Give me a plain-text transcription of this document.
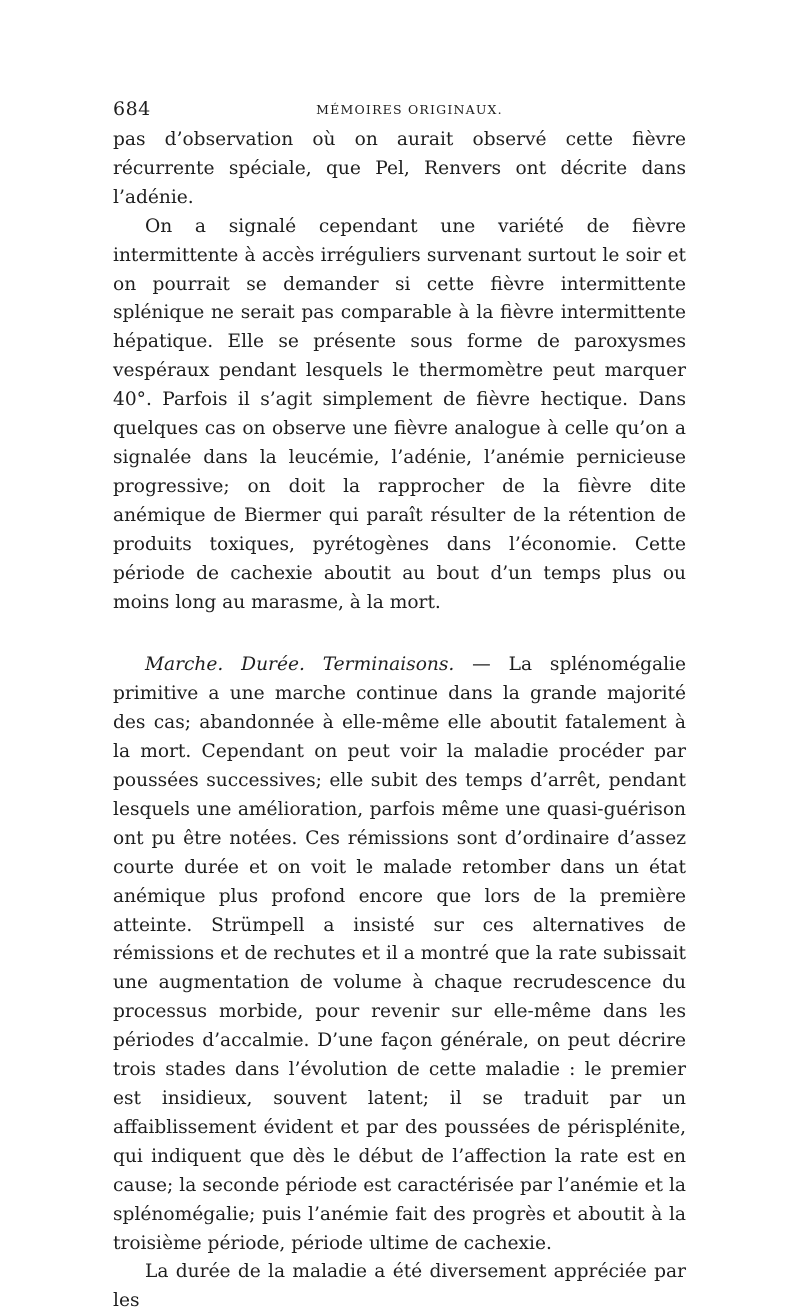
684	MÉMOIRES ORIGINAUX.

pas d’observation où on aurait observé cette fièvre récurrente spéciale, que Pel, Renvers ont décrite dans l’adénie.

On a signalé cependant une variété de fièvre intermittente à accès irréguliers survenant surtout le soir et on pourrait se demander si cette fièvre intermittente splénique ne serait pas comparable à la fièvre intermittente hépatique. Elle se présente sous forme de paroxysmes vespéraux pendant lesquels le thermomètre peut marquer 40°. Parfois il s’agit simplement de fièvre hectique. Dans quelques cas on observe une fièvre analogue à celle qu’on a signalée dans la leucémie, l’adénie, l’anémie pernicieuse progressive; on doit la rapprocher de la fièvre dite anémique de Biermer qui paraît résulter de la rétention de produits toxiques, pyrétogènes dans l’économie. Cette période de cachexie aboutit au bout d’un temps plus ou moins long au marasme, à la mort.

Marche. Durée. Terminaisons. — La splénomégalie primitive a une marche continue dans la grande majorité des cas; abandonnée à elle-même elle aboutit fatalement à la mort. Cependant on peut voir la maladie procéder par poussées successives; elle subit des temps d’arrêt, pendant lesquels une amélioration, parfois même une quasi-guérison ont pu être notées. Ces rémissions sont d’ordinaire d’assez courte durée et on voit le malade retomber dans un état anémique plus profond encore que lors de la première atteinte. Strümpell a insisté sur ces alternatives de rémissions et de rechutes et il a montré que la rate subissait une augmentation de volume à chaque recrudescence du processus morbide, pour revenir sur elle-même dans les périodes d’accalmie. D’une façon générale, on peut décrire trois stades dans l’évolution de cette maladie : le premier est insidieux, souvent latent; il se traduit par un affaiblissement évident et par des poussées de périsplénite, qui indiquent que dès le début de l’affection la rate est en cause; la seconde période est caractérisée par l’anémie et la splénomégalie; puis l’anémie fait des progrès et aboutit à la troisième période, période ultime de cachexie.

La durée de la maladie a été diversement appréciée par les
